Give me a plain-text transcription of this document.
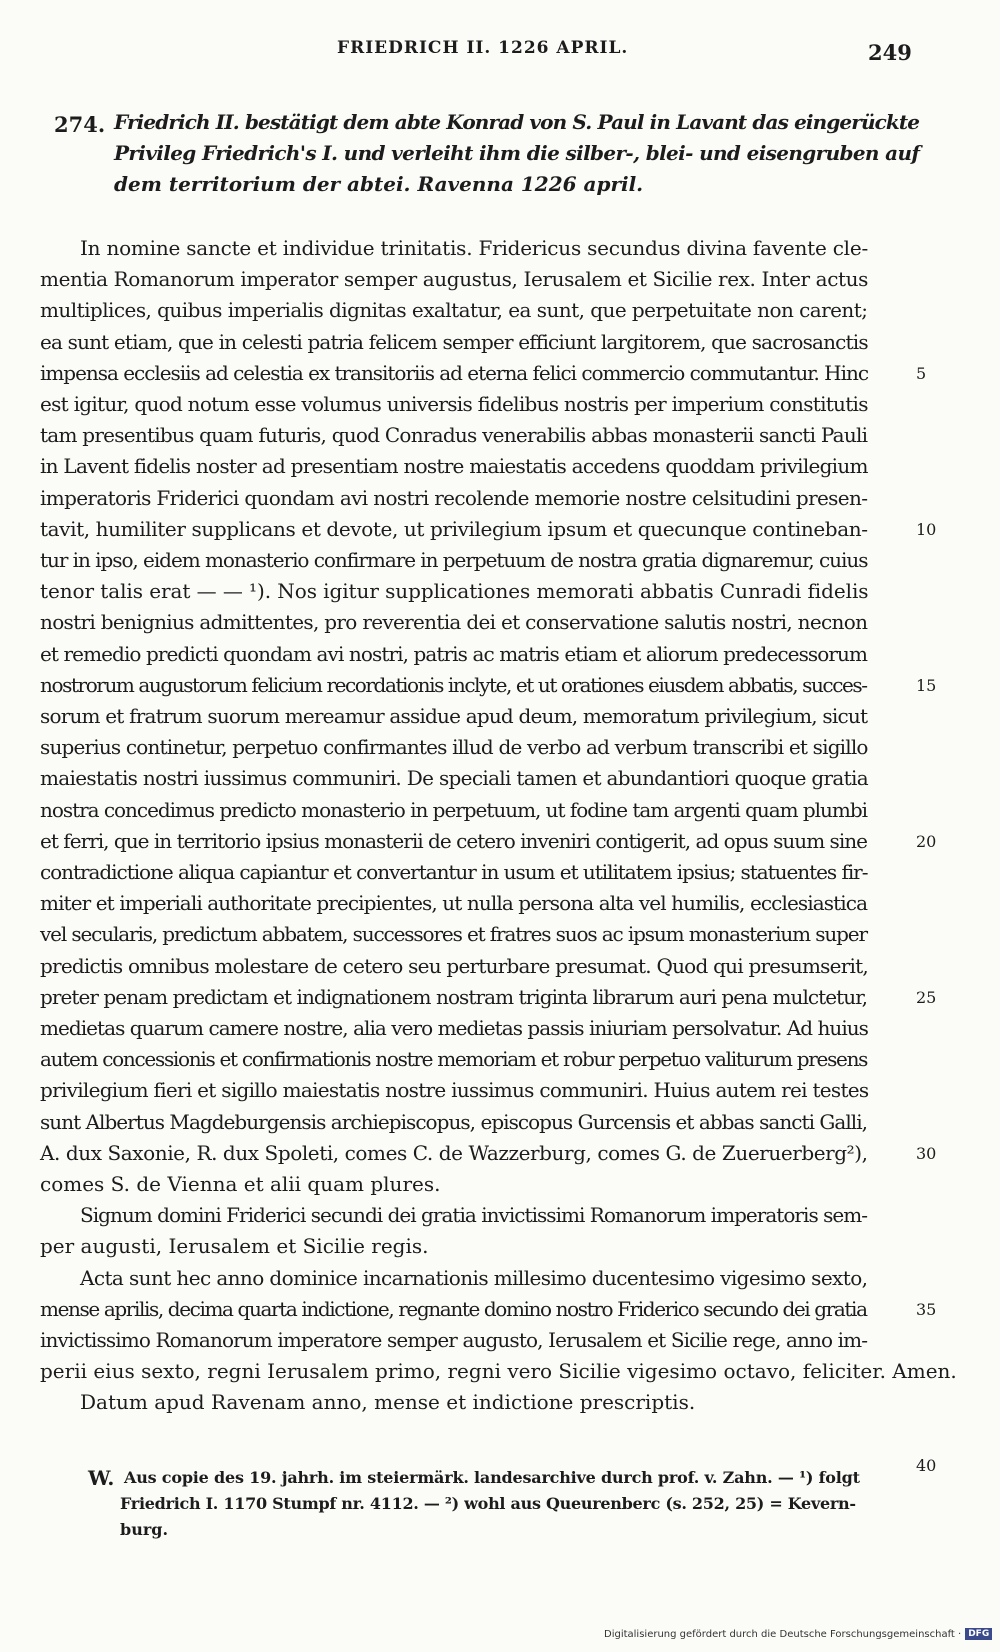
FRIEDRICH II. 1226 APRIL.	249
274. Friedrich II. bestätigt dem abte Konrad von S. Paul in Lavant das eingerückte
Privileg Friedrich's I. und verleiht ihm die silber-, blei- und eisengruben auf
dem territorium der abtei. Ravenna 1226 april.
In nomine sancte et individue trinitatis. Fridericus secundus divina favente cle-
mentia Romanorum imperator semper augustus, Ierusalem et Sicilie rex. Inter actus
multiplices, quibus imperialis dignitas exaltatur, ea sunt, que perpetuitate non carent;
ea sunt etiam, que in celesti patria felicem semper efficiunt largitorem, que sacrosanctis
impensa ecclesiis ad celestia ex transitoriis ad eterna felici commercio commutantur. Hinc
est igitur, quod notum esse volumus universis fidelibus nostris per imperium constitutis
tam presentibus quam futuris, quod Conradus venerabilis abbas monasterii sancti Pauli
in Lavent fidelis noster ad presentiam nostre maiestatis accedens quoddam privilegium
imperatoris Friderici quondam avi nostri recolende memorie nostre celsitudini presen-
tavit, humiliter supplicans et devote, ut privilegium ipsum et quecunque contineban-
tur in ipso, eidem monasterio confirmare in perpetuum de nostra gratia dignaremur, cuius
tenor talis erat — — ¹). Nos igitur supplicationes memorati abbatis Cunradi fidelis
nostri benignius admittentes, pro reverentia dei et conservatione salutis nostri, necnon
et remedio predicti quondam avi nostri, patris ac matris etiam et aliorum predecessorum
nostrorum augustorum felicium recordationis inclyte, et ut orationes eiusdem abbatis, succes-
sorum et fratrum suorum mereamur assidue apud deum, memoratum privilegium, sicut
superius continetur, perpetuo confirmantes illud de verbo ad verbum transcribi et sigillo
maiestatis nostri iussimus communiri. De speciali tamen et abundantiori quoque gratia
nostra concedimus predicto monasterio in perpetuum, ut fodine tam argenti quam plumbi
et ferri, que in territorio ipsius monasterii de cetero inveniri contigerit, ad opus suum sine
contradictione aliqua capiantur et convertantur in usum et utilitatem ipsius; statuentes fir-
miter et imperiali authoritate precipientes, ut nulla persona alta vel humilis, ecclesiastica
vel secularis, predictum abbatem, successores et fratres suos ac ipsum monasterium super
predictis omnibus molestare de cetero seu perturbare presumat. Quod qui presumserit,
preter penam predictam et indignationem nostram triginta librarum auri pena mulctetur,
medietas quarum camere nostre, alia vero medietas passis iniuriam persolvatur. Ad huius
autem concessionis et confirmationis nostre memoriam et robur perpetuo valiturum presens
privilegium fieri et sigillo maiestatis nostre iussimus communiri. Huius autem rei testes
sunt Albertus Magdeburgensis archiepiscopus, episcopus Gurcensis et abbas sancti Galli,
A. dux Saxonie, R. dux Spoleti, comes C. de Wazzerburg, comes G. de Zueruerberg²),
comes S. de Vienna et alii quam plures.
Signum domini Friderici secundi dei gratia invictissimi Romanorum imperatoris sem-
per augusti, Ierusalem et Sicilie regis.
Acta sunt hec anno dominice incarnationis millesimo ducentesimo vigesimo sexto,
mense aprilis, decima quarta indictione, regnante domino nostro Friderico secundo dei gratia
invictissimo Romanorum imperatore semper augusto, Ierusalem et Sicilie rege, anno im-
perii eius sexto, regni Ierusalem primo, regni vero Sicilie vigesimo octavo, feliciter. Amen.
Datum apud Ravenam anno, mense et indictione prescriptis.
5
10
15
20
25
30
35
40
W. Aus copie des 19. jahrh. im steiermärk. landesarchive durch prof. v. Zahn. — ¹) folgt
Friedrich I. 1170 Stumpf nr. 4112. — ²) wohl aus Queurenberc (s. 252, 25) = Kevern-
burg.
Digitalisierung gefördert durch die Deutsche Forschungsgemeinschaft · DFG
